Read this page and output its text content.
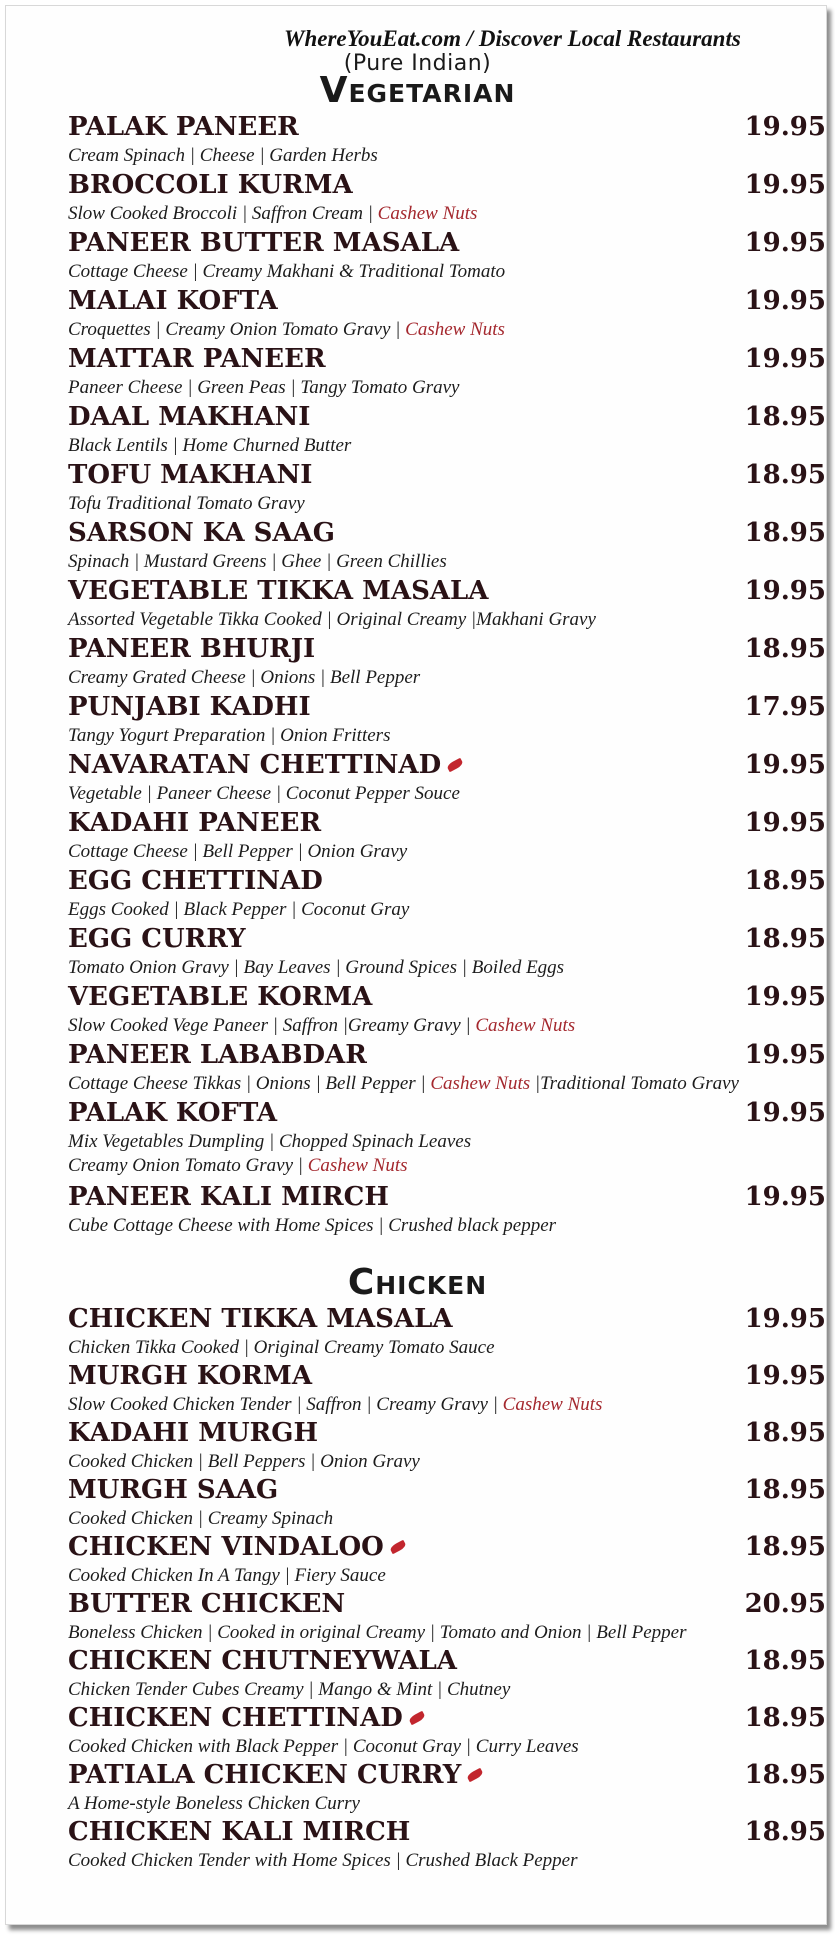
WhereYouEat.com / Discover Local Restaurants
(Pure Indian)
Vegetarian
PALAK PANEER	19.95
Cream Spinach | Cheese | Garden Herbs
BROCCOLI KURMA	19.95
Slow Cooked Broccoli | Saffron Cream | Cashew Nuts
PANEER BUTTER MASALA	19.95
Cottage Cheese | Creamy Makhani & Traditional Tomato
MALAI KOFTA	19.95
Croquettes | Creamy Onion Tomato Gravy | Cashew Nuts
MATTAR PANEER	19.95
Paneer Cheese | Green Peas | Tangy Tomato Gravy
DAAL MAKHANI	18.95
Black Lentils | Home Churned Butter
TOFU MAKHANI	18.95
Tofu Traditional Tomato Gravy
SARSON KA SAAG	18.95
Spinach | Mustard Greens | Ghee | Green Chillies
VEGETABLE TIKKA MASALA	19.95
Assorted Vegetable Tikka Cooked | Original Creamy |Makhani Gravy
PANEER BHURJI	18.95
Creamy Grated Cheese | Onions | Bell Pepper
PUNJABI KADHI	17.95
Tangy Yogurt Preparation | Onion Fritters
NAVARATAN CHETTINAD	19.95
Vegetable | Paneer Cheese | Coconut Pepper Souce
KADAHI PANEER	19.95
Cottage Cheese | Bell Pepper | Onion Gravy
EGG CHETTINAD	18.95
Eggs Cooked | Black Pepper | Coconut Gray
EGG CURRY	18.95
Tomato Onion Gravy | Bay Leaves | Ground Spices | Boiled Eggs
VEGETABLE KORMA	19.95
Slow Cooked Vege Paneer | Saffron |Greamy Gravy | Cashew Nuts
PANEER LABABDAR	19.95
Cottage Cheese Tikkas | Onions | Bell Pepper | Cashew Nuts |Traditional Tomato Gravy
PALAK KOFTA	19.95
Mix Vegetables Dumpling | Chopped Spinach Leaves
Creamy Onion Tomato Gravy | Cashew Nuts
PANEER KALI MIRCH	19.95
Cube Cottage Cheese with Home Spices | Crushed black pepper
Chicken
CHICKEN TIKKA MASALA	19.95
Chicken Tikka Cooked | Original Creamy Tomato Sauce
MURGH KORMA	19.95
Slow Cooked Chicken Tender | Saffron | Creamy Gravy | Cashew Nuts
KADAHI MURGH	18.95
Cooked Chicken | Bell Peppers | Onion Gravy
MURGH SAAG	18.95
Cooked Chicken | Creamy Spinach
CHICKEN VINDALOO	18.95
Cooked Chicken In A Tangy | Fiery Sauce
BUTTER CHICKEN	20.95
Boneless Chicken | Cooked in original Creamy | Tomato and Onion | Bell Pepper
CHICKEN CHUTNEYWALA	18.95
Chicken Tender Cubes Creamy | Mango & Mint | Chutney
CHICKEN CHETTINAD	18.95
Cooked Chicken with Black Pepper | Coconut Gray | Curry Leaves
PATIALA CHICKEN CURRY	18.95
A Home-style Boneless Chicken Curry
CHICKEN KALI MIRCH	18.95
Cooked Chicken Tender with Home Spices | Crushed Black Pepper
